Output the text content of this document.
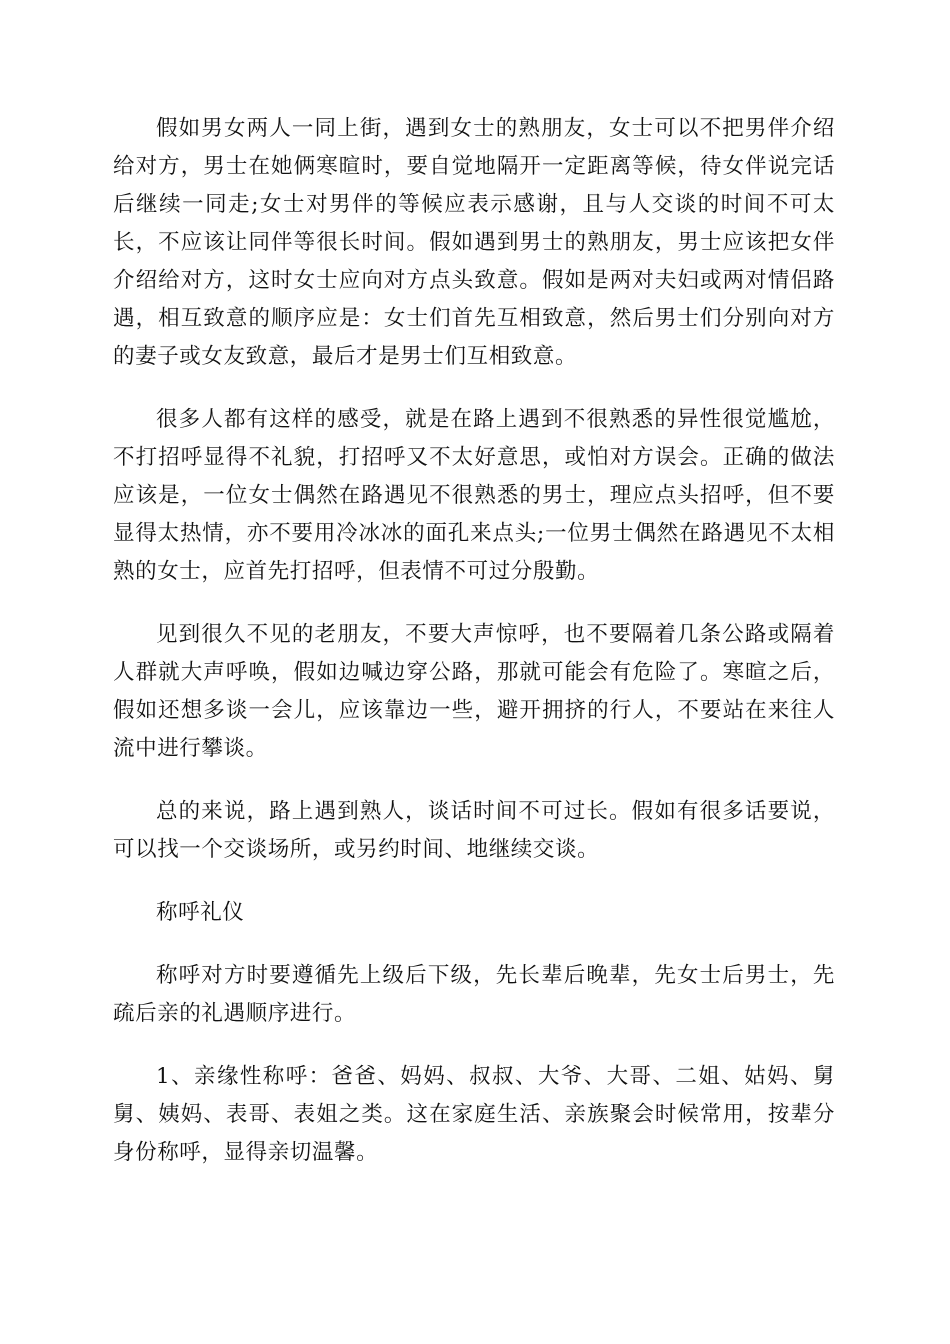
假如男女两人一同上街，遇到女士的熟朋友，女士可以不把男伴介绍给对方，男士在她俩寒暄时，要自觉地隔开一定距离等候，待女伴说完话后继续一同走;女士对男伴的等候应表示感谢，且与人交谈的时间不可太长，不应该让同伴等很长时间。假如遇到男士的熟朋友，男士应该把女伴介绍给对方，这时女士应向对方点头致意。假如是两对夫妇或两对情侣路遇，相互致意的顺序应是：女士们首先互相致意，然后男士们分别向对方的妻子或女友致意，最后才是男士们互相致意。

很多人都有这样的感受，就是在路上遇到不很熟悉的异性很觉尴尬，不打招呼显得不礼貌，打招呼又不太好意思，或怕对方误会。正确的做法应该是，一位女士偶然在路遇见不很熟悉的男士，理应点头招呼，但不要显得太热情，亦不要用冷冰冰的面孔来点头;一位男士偶然在路遇见不太相熟的女士，应首先打招呼，但表情不可过分殷勤。

见到很久不见的老朋友，不要大声惊呼，也不要隔着几条公路或隔着人群就大声呼唤，假如边喊边穿公路，那就可能会有危险了。寒暄之后，假如还想多谈一会儿，应该靠边一些，避开拥挤的行人，不要站在来往人流中进行攀谈。

总的来说，路上遇到熟人，谈话时间不可过长。假如有很多话要说，可以找一个交谈场所，或另约时间、地继续交谈。

称呼礼仪

称呼对方时要遵循先上级后下级，先长辈后晚辈，先女士后男士，先疏后亲的礼遇顺序进行。

1、亲缘性称呼：爸爸、妈妈、叔叔、大爷、大哥、二姐、姑妈、舅舅、姨妈、表哥、表姐之类。这在家庭生活、亲族聚会时候常用，按辈分身份称呼，显得亲切温馨。
